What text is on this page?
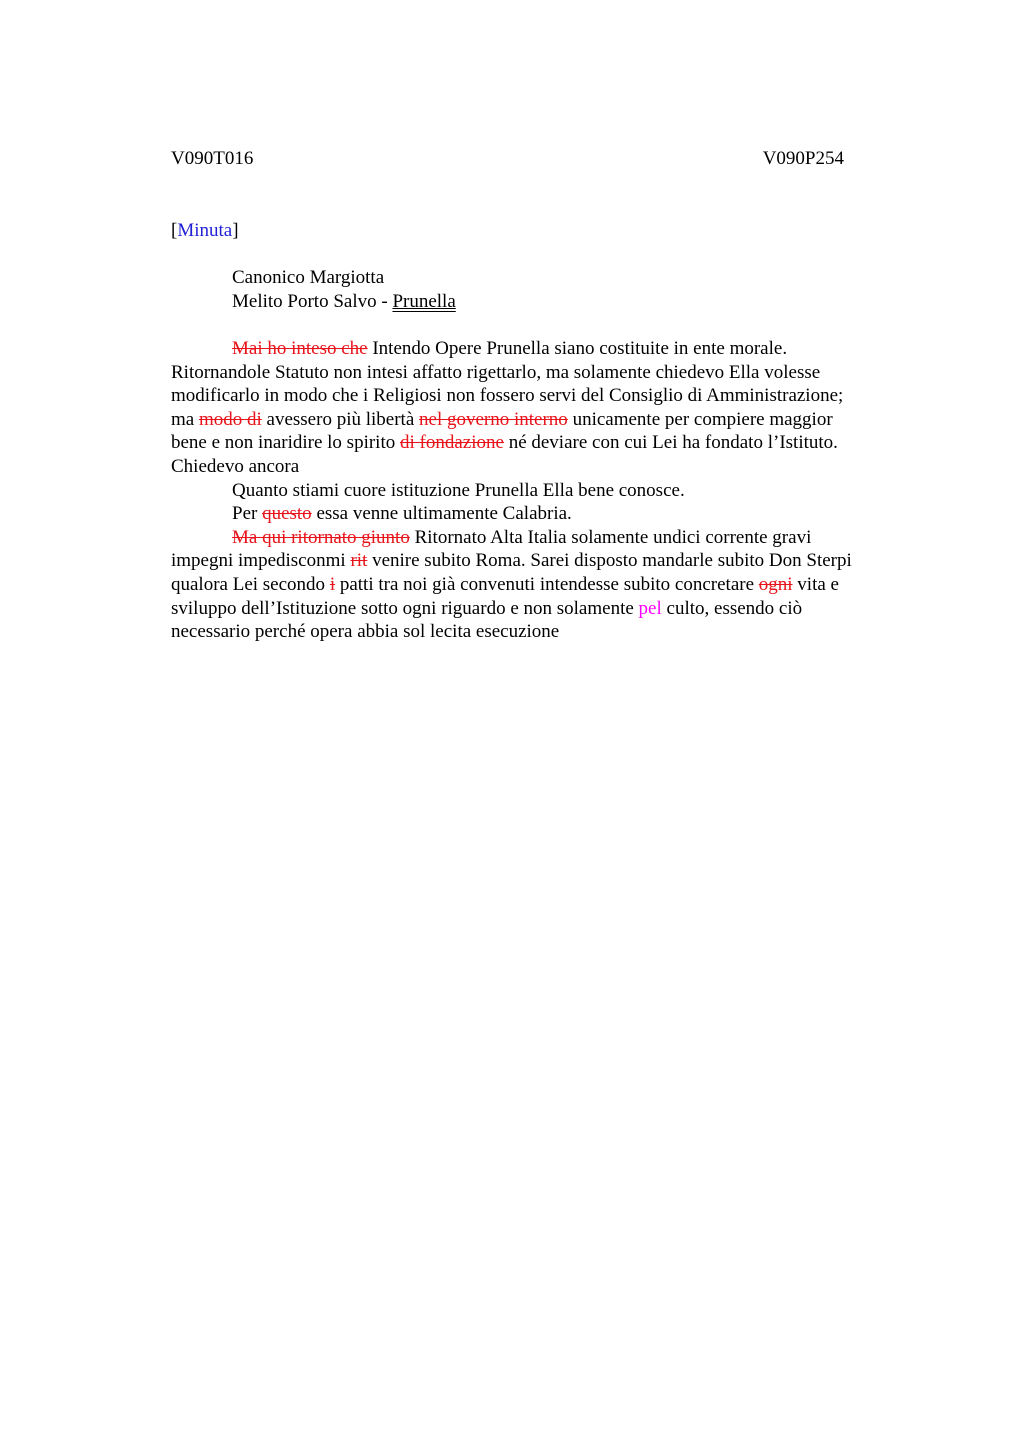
V090T016	V090P254
[Minuta]
Canonico Margiotta
Melito Porto Salvo - Prunella

Mai ho inteso che Intendo Opere Prunella siano costituite in ente morale.

Ritornandole Statuto non intesi affatto rigettarlo, ma solamente chiedevo Ella volesse

modificarlo in modo che i Religiosi non fossero servi del Consiglio di Amministrazione;

ma modo di avessero più libertà nel governo interno unicamente per compiere maggior

bene e non inaridire lo spirito di fondazione né deviare con cui Lei ha fondato l’Istituto.

Chiedevo ancora

Quanto stiami cuore istituzione Prunella Ella bene conosce.

Per questo essa venne ultimamente Calabria.

Ma qui ritornato giunto Ritornato Alta Italia solamente undici corrente gravi

impegni impedisconmi rit venire subito Roma. Sarei disposto mandarle subito Don Sterpi

qualora Lei secondo i patti tra noi già convenuti intendesse subito concretare ogni vita e

sviluppo dell’Istituzione sotto ogni riguardo e non solamente pel culto, essendo ciò

necessario perché opera abbia sol lecita esecuzione
